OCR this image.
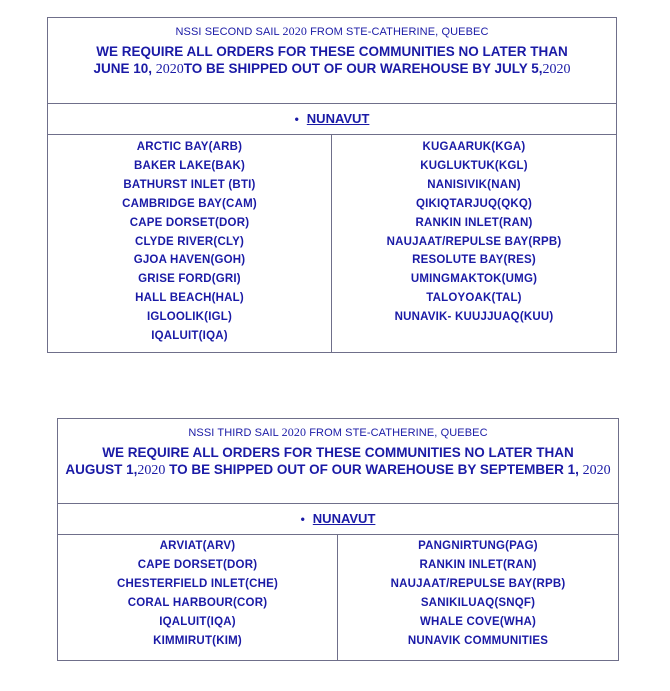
NSSI SECOND SAIL 2020 FROM STE-CATHERINE, QUEBEC
WE REQUIRE ALL ORDERS FOR THESE COMMUNITIES NO LATER THAN
JUNE 10, 2020TO BE SHIPPED OUT OF OUR WAREHOUSE BY JULY 5,2020
• NUNAVUT
ARCTIC BAY(ARB)
BAKER LAKE(BAK)
BATHURST INLET (BTI)
CAMBRIDGE BAY(CAM)
CAPE DORSET(DOR)
CLYDE RIVER(CLY)
GJOA HAVEN(GOH)
GRISE FORD(GRI)
HALL BEACH(HAL)
IGLOOLIK(IGL)
IQALUIT(IQA)
KUGAARUK(KGA)
KUGLUKTUK(KGL)
NANISIVIK(NAN)
QIKIQTARJUQ(QKQ)
RANKIN INLET(RAN)
NAUJAAT/REPULSE BAY(RPB)
RESOLUTE BAY(RES)
UMINGMAKTOK(UMG)
TALOYOAK(TAL)
NUNAVIK- KUUJJUAQ(KUU)
NSSI THIRD SAIL 2020 FROM STE-CATHERINE, QUEBEC
WE REQUIRE ALL ORDERS FOR THESE COMMUNITIES NO LATER THAN
AUGUST 1,2020 TO BE SHIPPED OUT OF OUR WAREHOUSE BY SEPTEMBER 1, 2020
• NUNAVUT
ARVIAT(ARV)
CAPE DORSET(DOR)
CHESTERFIELD INLET(CHE)
CORAL HARBOUR(COR)
IQALUIT(IQA)
KIMMIRUT(KIM)
PANGNIRTUNG(PAG)
RANKIN INLET(RAN)
NAUJAAT/REPULSE BAY(RPB)
SANIKILUAQ(SNQF)
WHALE COVE(WHA)
NUNAVIK COMMUNITIES
